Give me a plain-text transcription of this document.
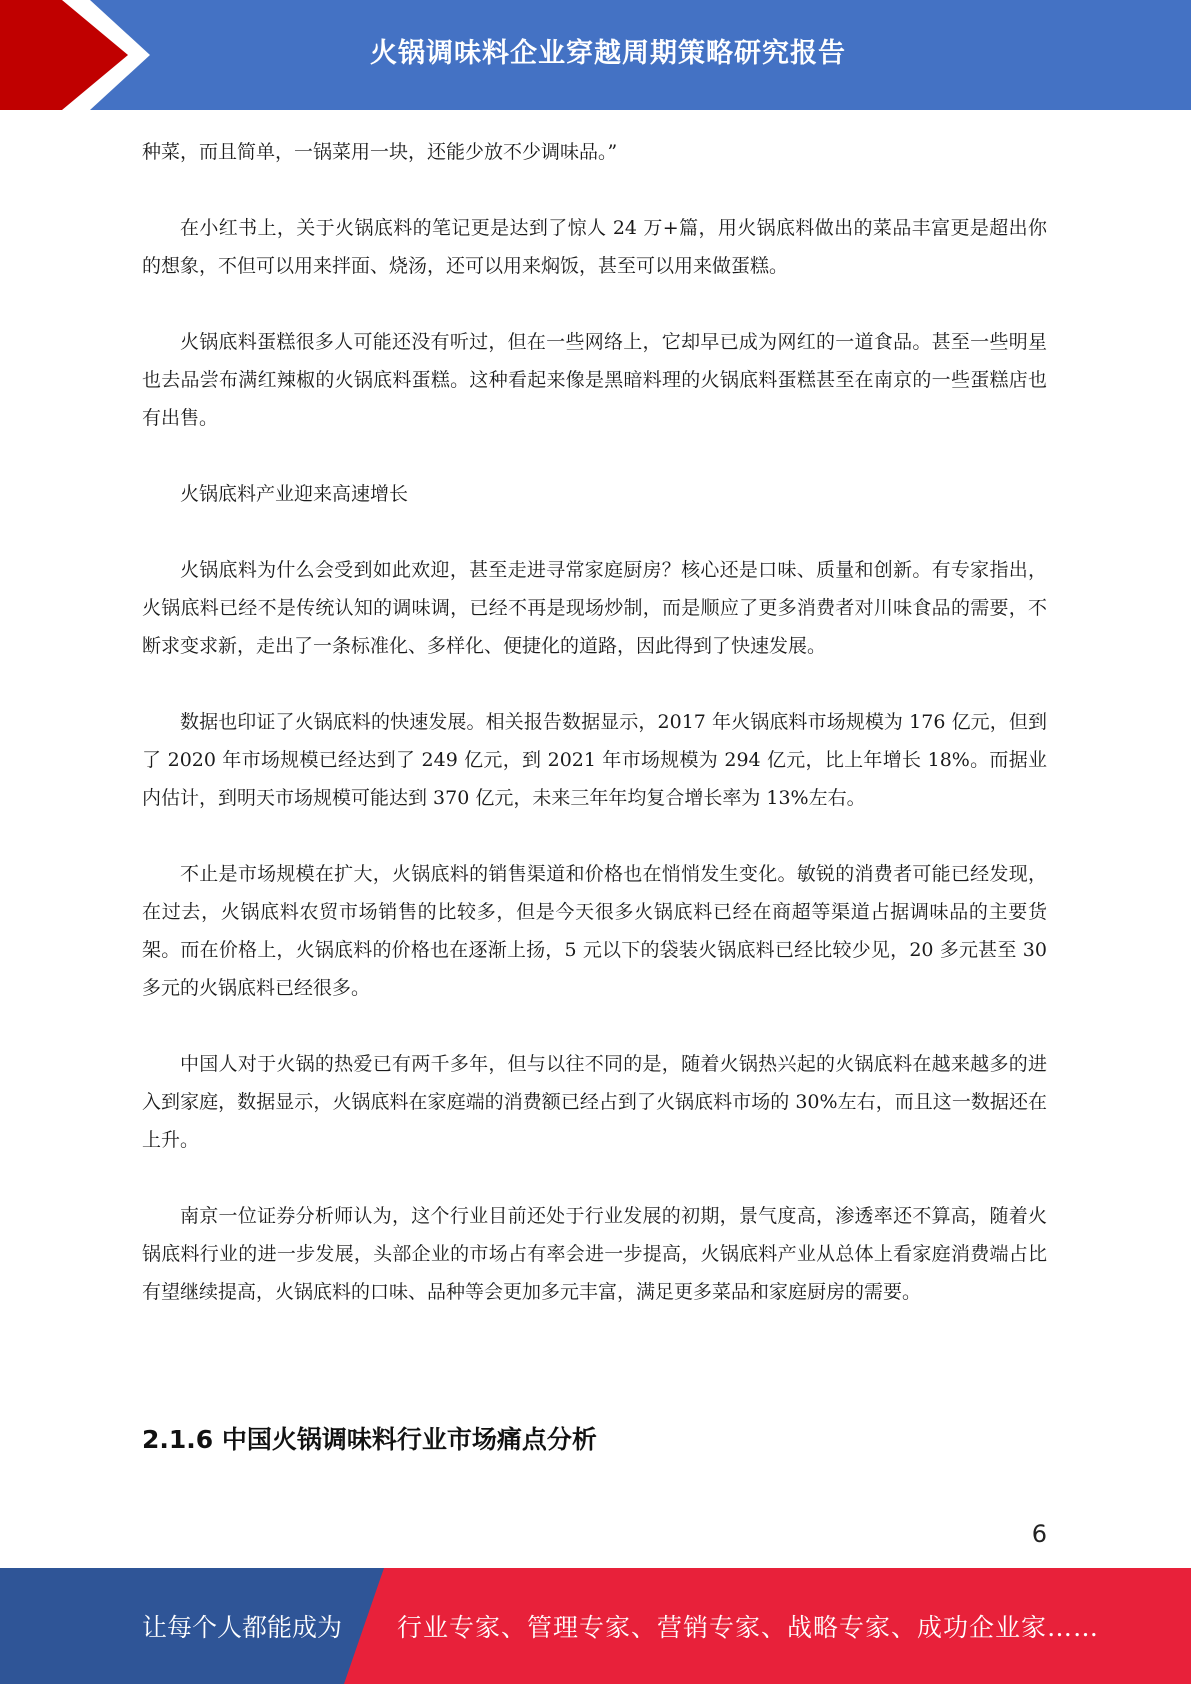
火锅调味料企业穿越周期策略研究报告

种菜，而且简单，一锅菜用一块，还能少放不少调味品。”

在小红书上，关于火锅底料的笔记更是达到了惊人 24 万+篇，用火锅底料做出的菜品丰富更是超出你的想象，不但可以用来拌面、烧汤，还可以用来焖饭，甚至可以用来做蛋糕。

火锅底料蛋糕很多人可能还没有听过，但在一些网络上，它却早已成为网红的一道食品。甚至一些明星也去品尝布满红辣椒的火锅底料蛋糕。这种看起来像是黑暗料理的火锅底料蛋糕甚至在南京的一些蛋糕店也有出售。

火锅底料产业迎来高速增长

火锅底料为什么会受到如此欢迎，甚至走进寻常家庭厨房？核心还是口味、质量和创新。有专家指出，火锅底料已经不是传统认知的调味调，已经不再是现场炒制，而是顺应了更多消费者对川味食品的需要，不断求变求新，走出了一条标准化、多样化、便捷化的道路，因此得到了快速发展。

数据也印证了火锅底料的快速发展。相关报告数据显示，2017 年火锅底料市场规模为 176 亿元，但到了 2020 年市场规模已经达到了 249 亿元，到 2021 年市场规模为 294 亿元，比上年增长 18%。而据业内估计，到明天市场规模可能达到 370 亿元，未来三年年均复合增长率为 13%左右。

不止是市场规模在扩大，火锅底料的销售渠道和价格也在悄悄发生变化。敏锐的消费者可能已经发现，在过去，火锅底料农贸市场销售的比较多，但是今天很多火锅底料已经在商超等渠道占据调味品的主要货架。而在价格上，火锅底料的价格也在逐渐上扬，5 元以下的袋装火锅底料已经比较少见，20 多元甚至 30 多元的火锅底料已经很多。

中国人对于火锅的热爱已有两千多年，但与以往不同的是，随着火锅热兴起的火锅底料在越来越多的进入到家庭，数据显示，火锅底料在家庭端的消费额已经占到了火锅底料市场的 30%左右，而且这一数据还在上升。

南京一位证券分析师认为，这个行业目前还处于行业发展的初期，景气度高，渗透率还不算高，随着火锅底料行业的进一步发展，头部企业的市场占有率会进一步提高，火锅底料产业从总体上看家庭消费端占比有望继续提高，火锅底料的口味、品种等会更加多元丰富，满足更多菜品和家庭厨房的需要。

2.1.6 中国火锅调味料行业市场痛点分析
6
让每个人都能成为 行业专家、管理专家、营销专家、战略专家、成功企业家……
